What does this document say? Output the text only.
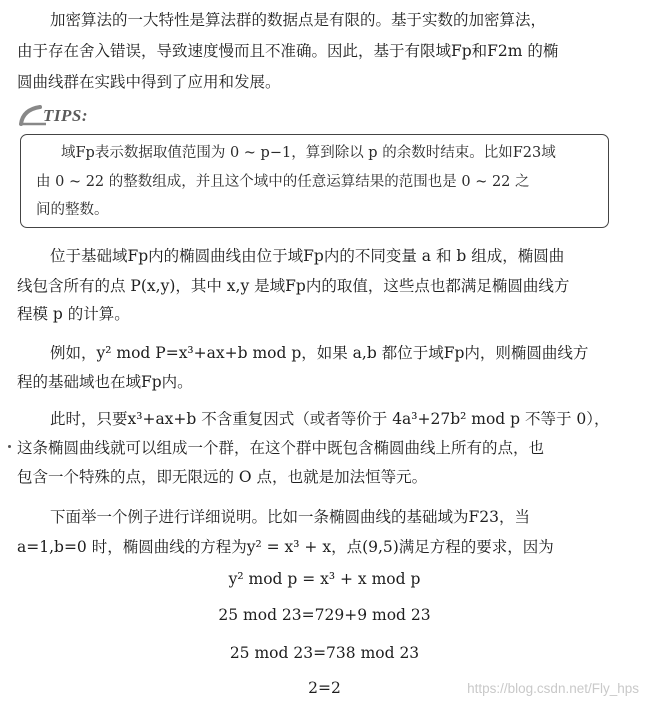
加密算法的一大特性是算法群的数据点是有限的。基于实数的加密算法，
由于存在舍入错误，导致速度慢而且不准确。因此，基于有限域Fp和F2m 的椭
圆曲线群在实践中得到了应用和发展。
TIPS:
域Fp表示数据取值范围为 0 ~ p−1，算到除以 p 的余数时结束。比如F23域
由 0 ~ 22 的整数组成，并且这个域中的任意运算结果的范围也是 0 ~ 22 之
间的整数。
位于基础域Fp内的椭圆曲线由位于域Fp内的不同变量 a 和 b 组成，椭圆曲
线包含所有的点 P(x,y)，其中 x,y 是域Fp内的取值，这些点也都满足椭圆曲线方
程模 p 的计算。
例如，y² mod P=x³+ax+b mod p，如果 a,b 都位于域Fp内，则椭圆曲线方
程的基础域也在域Fp内。
此时，只要x³+ax+b 不含重复因式（或者等价于 4a³+27b² mod p 不等于 0），
这条椭圆曲线就可以组成一个群，在这个群中既包含椭圆曲线上所有的点，也
包含一个特殊的点，即无限远的 O 点，也就是加法恒等元。
下面举一个例子进行详细说明。比如一条椭圆曲线的基础域为F23，当
a=1,b=0 时，椭圆曲线的方程为y² = x³ + x，点(9,5)满足方程的要求，因为
y² mod p = x³ + x mod p
25 mod 23=729+9 mod 23
25 mod 23=738 mod 23
2=2	https://blog.csdn.net/Fly_hps
